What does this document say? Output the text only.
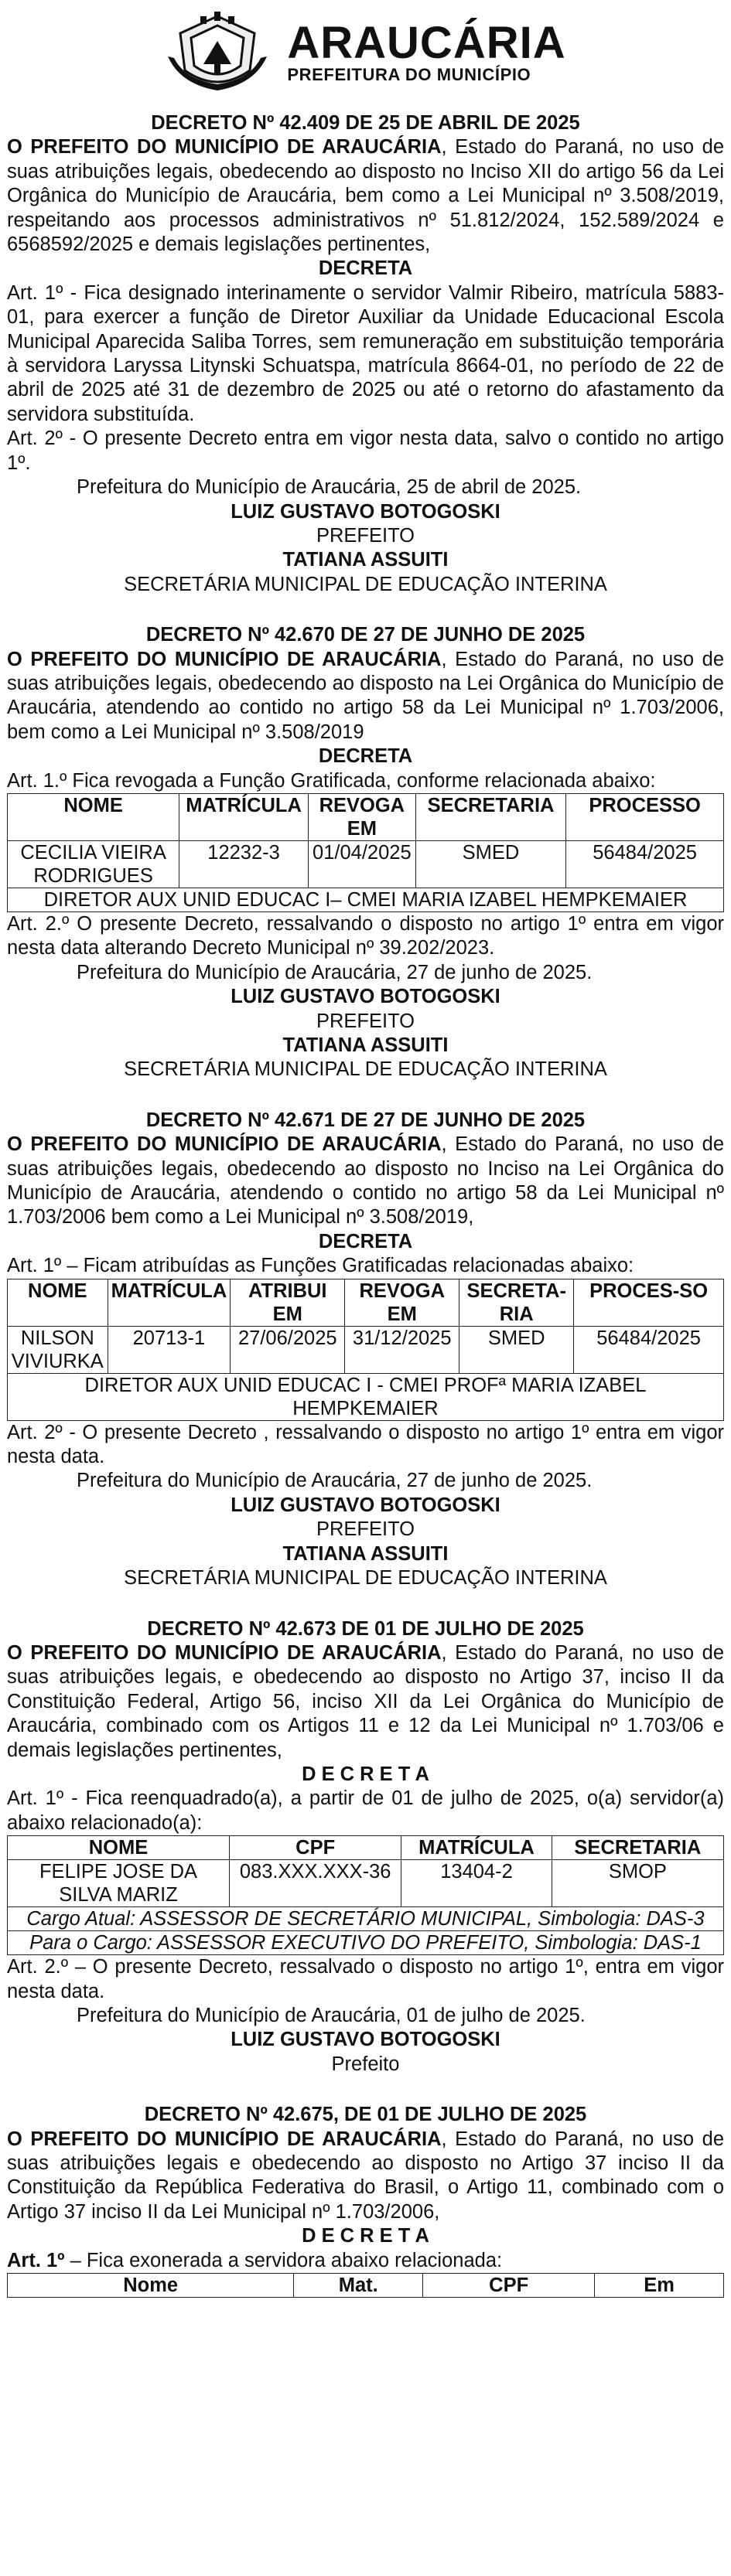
ARAUCÁRIA
PREFEITURA DO MUNICÍPIO

DECRETO Nº 42.409 DE 25 DE ABRIL DE 2025

O PREFEITO DO MUNICÍPIO DE ARAUCÁRIA, Estado do Paraná, no uso de suas atribuições legais, obedecendo ao disposto no Inciso XII do artigo 56 da Lei Orgânica do Município de Araucária, bem como a Lei Municipal nº 3.508/2019, respeitando aos processos administrativos nº 51.812/2024, 152.589/2024 e 6568592/2025 e demais legislações pertinentes,

DECRETA

Art. 1º - Fica designado interinamente o servidor Valmir Ribeiro, matrícula 5883-01, para exercer a função de Diretor Auxiliar da Unidade Educacional Escola Municipal Aparecida Saliba Torres, sem remuneração em substituição temporária à servidora Laryssa Litynski Schuatspa, matrícula 8664-01, no período de 22 de abril de 2025 até 31 de dezembro de 2025 ou até o retorno do afastamento da servidora substituída.

Art. 2º - O presente Decreto entra em vigor nesta data, salvo o contido no artigo 1º.

Prefeitura do Município de Araucária, 25 de abril de 2025.

LUIZ GUSTAVO BOTOGOSKI

PREFEITO

TATIANA ASSUITI

SECRETÁRIA MUNICIPAL DE EDUCAÇÃO INTERINA

DECRETO Nº 42.670 DE 27 DE JUNHO DE 2025

O PREFEITO DO MUNICÍPIO DE ARAUCÁRIA, Estado do Paraná, no uso de suas atribuições legais, obedecendo ao disposto na Lei Orgânica do Município de Araucária, atendendo ao contido no artigo 58 da Lei Municipal nº 1.703/2006, bem como a Lei Municipal nº 3.508/2019

DECRETA

Art. 1.º Fica revogada a Função Gratificada, conforme relacionada abaixo:

NOME	MATRÍCULA	REVOGA EM	SECRETARIA	PROCESSO
CECILIA VIEIRA RODRIGUES	12232-3	01/04/2025	SMED	56484/2025
DIRETOR AUX UNID EDUCAC I– CMEI MARIA IZABEL HEMPKEMAIER				

Art. 2.º O presente Decreto, ressalvando o disposto no artigo 1º entra em vigor nesta data alterando Decreto Municipal nº 39.202/2023.

Prefeitura do Município de Araucária, 27 de junho de 2025.

LUIZ GUSTAVO BOTOGOSKI

PREFEITO

TATIANA ASSUITI

SECRETÁRIA MUNICIPAL DE EDUCAÇÃO INTERINA

DECRETO Nº 42.671 DE 27 DE JUNHO DE 2025

O PREFEITO DO MUNICÍPIO DE ARAUCÁRIA, Estado do Paraná, no uso de suas atribuições legais, obedecendo ao disposto no Inciso na Lei Orgânica do Município de Araucária, atendendo o contido no artigo 58 da Lei Municipal nº 1.703/2006 bem como a Lei Municipal nº 3.508/2019,

DECRETA

Art. 1º – Ficam atribuídas as Funções Gratificadas relacionadas abaixo:

NOME	MATRÍCULA	ATRIBUI EM	REVOGA EM	SECRETA-RIA	PROCES-SO
NILSON VIVIURKA	20713-1	27/06/2025	31/12/2025	SMED	56484/2025
DIRETOR AUX UNID EDUCAC I - CMEI PROFª MARIA IZABEL HEMPKEMAIER					

Art. 2º - O presente Decreto , ressalvando o disposto no artigo 1º entra em vigor nesta data.

Prefeitura do Município de Araucária, 27 de junho de 2025.

LUIZ GUSTAVO BOTOGOSKI

PREFEITO

TATIANA ASSUITI

SECRETÁRIA MUNICIPAL DE EDUCAÇÃO INTERINA

DECRETO Nº 42.673 DE 01 DE JULHO DE 2025

O PREFEITO DO MUNICÍPIO DE ARAUCÁRIA, Estado do Paraná, no uso de suas atribuições legais, e obedecendo ao disposto no Artigo 37, inciso II da Constituição Federal, Artigo 56, inciso XII da Lei Orgânica do Município de Araucária, combinado com os Artigos 11 e 12 da Lei Municipal nº 1.703/06 e demais legislações pertinentes,

D E C R E T A

Art. 1º - Fica reenquadrado(a), a partir de 01 de julho de 2025, o(a) servidor(a) abaixo relacionado(a):

NOME	CPF	MATRÍCULA	SECRETARIA
FELIPE JOSE DA SILVA MARIZ	083.XXX.XXX-36	13404-2	SMOP
Cargo Atual: ASSESSOR DE SECRETÁRIO MUNICIPAL, Simbologia: DAS-3			
Para o Cargo: ASSESSOR EXECUTIVO DO PREFEITO, Simbologia: DAS-1			

Art. 2.º – O presente Decreto, ressalvado o disposto no artigo 1º, entra em vigor nesta data.

Prefeitura do Município de Araucária, 01 de julho de 2025.

LUIZ GUSTAVO BOTOGOSKI

Prefeito

DECRETO Nº 42.675, DE 01 DE JULHO DE 2025

O PREFEITO DO MUNICÍPIO DE ARAUCÁRIA, Estado do Paraná, no uso de suas atribuições legais e obedecendo ao disposto no Artigo 37 inciso II da Constituição da República Federativa do Brasil, o Artigo 11, combinado com o Artigo 37 inciso II da Lei Municipal nº 1.703/2006,

D E C R E T A

Art. 1º – Fica exonerada a servidora abaixo relacionada:

Nome	Mat.	CPF	Em
